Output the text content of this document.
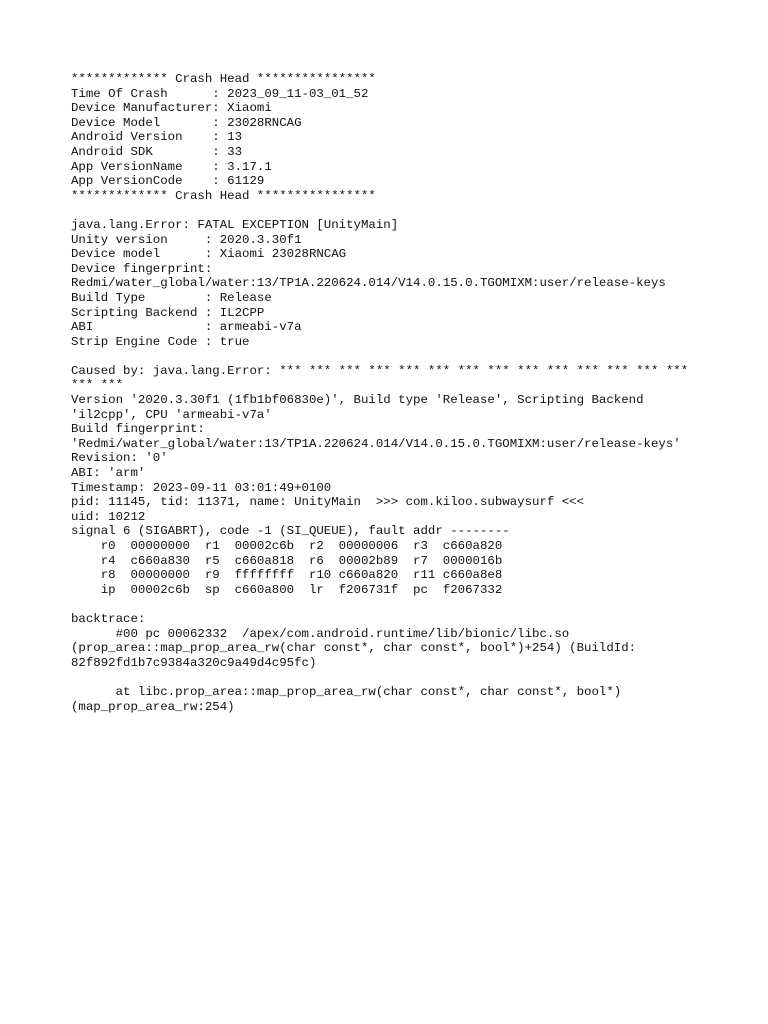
************* Crash Head ****************
Time Of Crash      : 2023_09_11-03_01_52
Device Manufacturer: Xiaomi
Device Model       : 23028RNCAG
Android Version    : 13
Android SDK        : 33
App VersionName    : 3.17.1
App VersionCode    : 61129
************* Crash Head ****************
java.lang.Error: FATAL EXCEPTION [UnityMain]
Unity version     : 2020.3.30f1
Device model      : Xiaomi 23028RNCAG
Device fingerprint:
Redmi/water_global/water:13/TP1A.220624.014/V14.0.15.0.TGOMIXM:user/release-keys
Build Type        : Release
Scripting Backend : IL2CPP
ABI               : armeabi-v7a
Strip Engine Code : true
Caused by: java.lang.Error: *** *** *** *** *** *** *** *** *** *** *** *** *** ***
*** ***
Version '2020.3.30f1 (1fb1bf06830e)', Build type 'Release', Scripting Backend
'il2cpp', CPU 'armeabi-v7a'
Build fingerprint:
'Redmi/water_global/water:13/TP1A.220624.014/V14.0.15.0.TGOMIXM:user/release-keys'
Revision: '0'
ABI: 'arm'
Timestamp: 2023-09-11 03:01:49+0100
pid: 11145, tid: 11371, name: UnityMain  >>> com.kiloo.subwaysurf <<<
uid: 10212
signal 6 (SIGABRT), code -1 (SI_QUEUE), fault addr --------
r0  00000000  r1  00002c6b  r2  00000006  r3  c660a820
r4  c660a830  r5  c660a818  r6  00002b89  r7  0000016b
r8  00000000  r9  ffffffff  r10 c660a820  r11 c660a8e8
ip  00002c6b  sp  c660a800  lr  f206731f  pc  f2067332
backtrace:
#00 pc 00062332  /apex/com.android.runtime/lib/bionic/libc.so
(prop_area::map_prop_area_rw(char const*, char const*, bool*)+254) (BuildId:
82f892fd1b7c9384a320c9a49d4c95fc)
at libc.prop_area::map_prop_area_rw(char const*, char const*, bool*)
(map_prop_area_rw:254)
